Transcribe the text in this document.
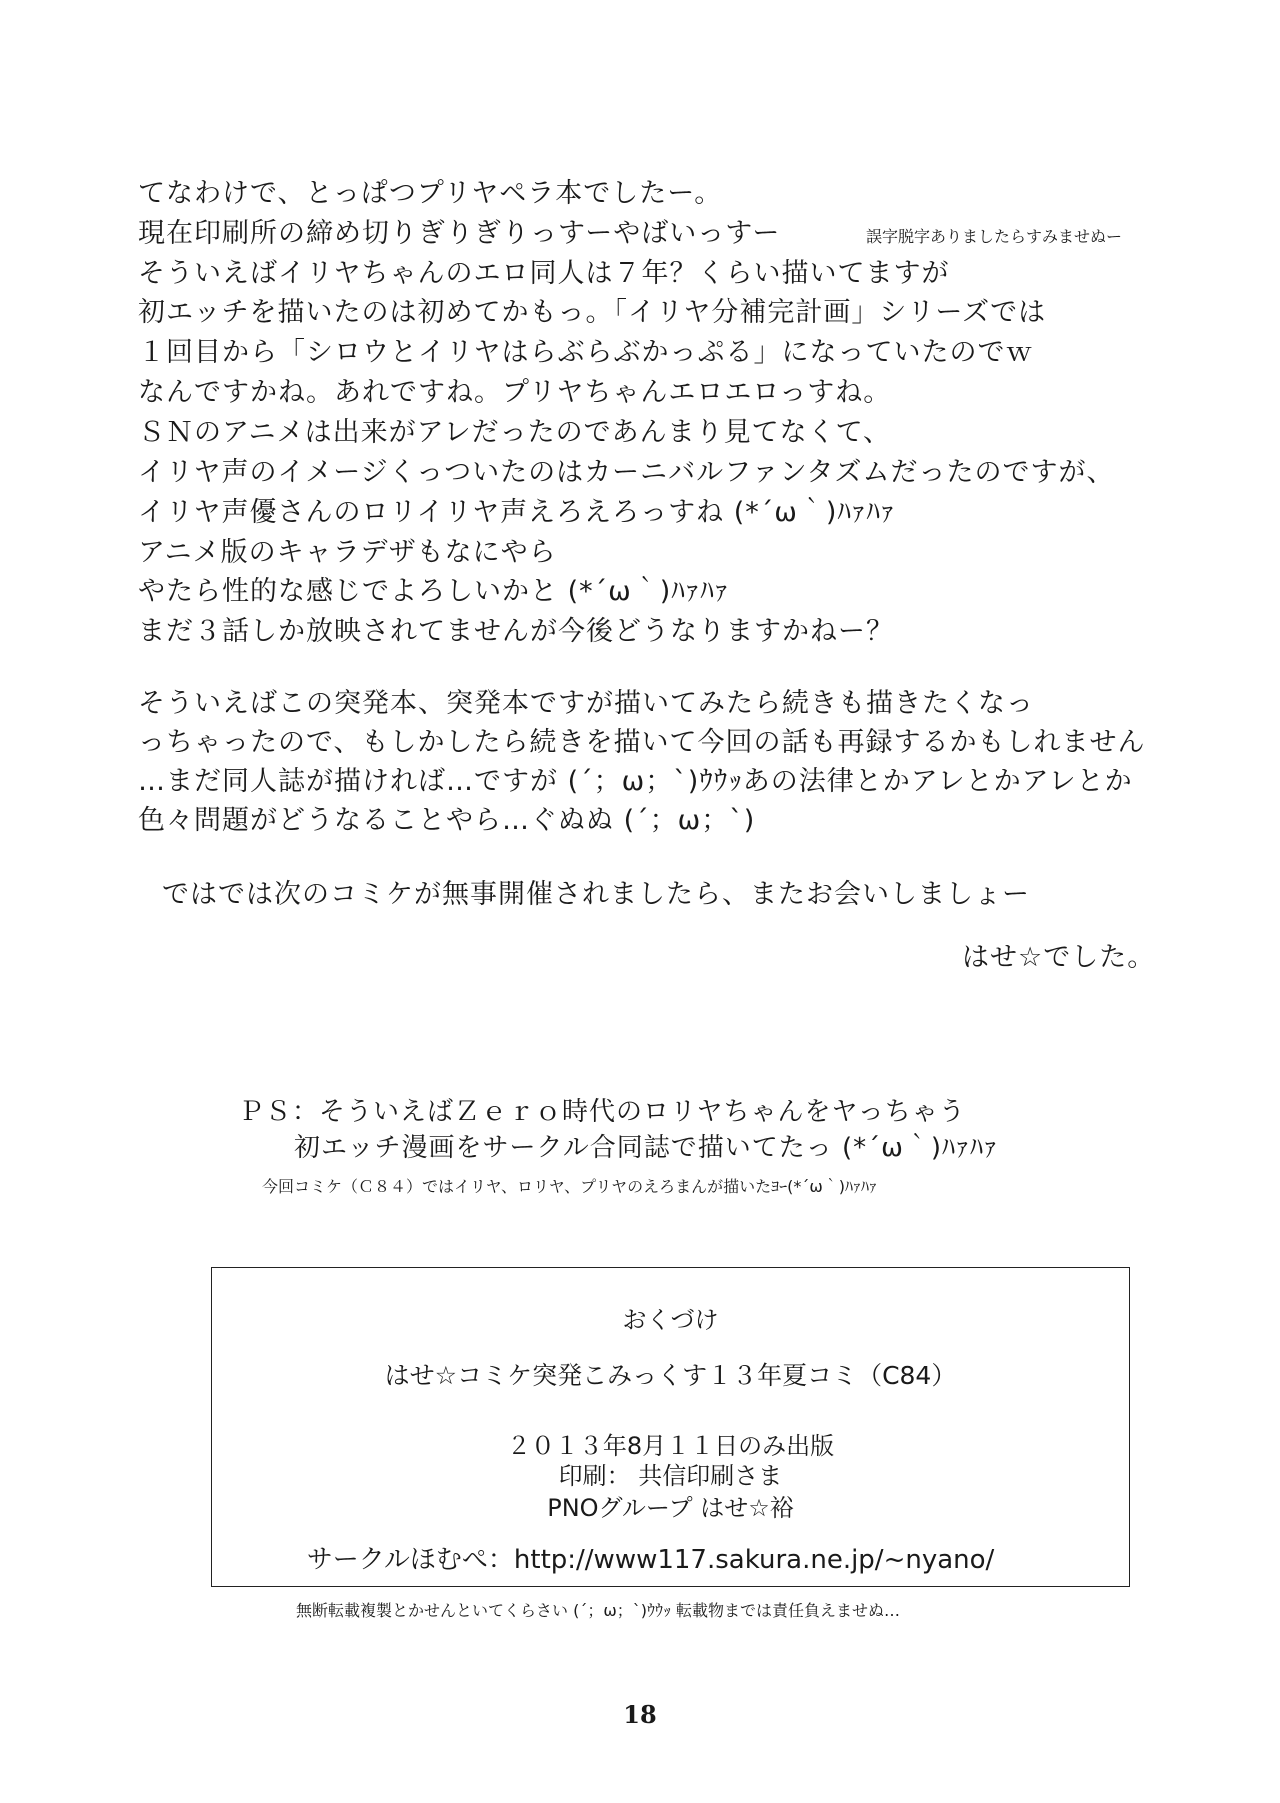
てなわけで、とっぱつプリヤペラ本でしたー。
現在印刷所の締め切りぎりぎりっすーやばいっすー	誤字脱字ありましたらすみませぬー
そういえばイリヤちゃんのエロ同人は７年？くらい描いてますが
初エッチを描いたのは初めてかもっ。「イリヤ分補完計画」シリーズでは
１回目から「シロウとイリヤはらぶらぶかっぷる」になっていたのでｗ
なんですかね。あれですね。プリヤちゃんエロエロっすね。
ＳＮのアニメは出来がアレだったのであんまり見てなくて、
イリヤ声のイメージくっついたのはカーニバルファンタズムだったのですが、
イリヤ声優さんのロリイリヤ声えろえろっすね (*´ω｀)ﾊｧﾊｧ
アニメ版のキャラデザもなにやら
やたら性的な感じでよろしいかと (*´ω｀)ﾊｧﾊｧ
まだ３話しか放映されてませんが今後どうなりますかねー？
そういえばこの突発本、突発本ですが描いてみたら続きも描きたくなっ
っちゃったので、もしかしたら続きを描いて今回の話も再録するかもしれません
…まだ同人誌が描ければ…ですが (´；ω；`)ｳｳｯあの法律とかアレとかアレとか
色々問題がどうなることやら…ぐぬぬ (´；ω；`)
ではでは次のコミケが無事開催されましたら、またお会いしましょー
はせ☆でした。
ＰＳ：そういえばＺｅｒｏ時代のロリヤちゃんをヤっちゃう
初エッチ漫画をサークル合同誌で描いてたっ (*´ω｀)ﾊｧﾊｧ
今回コミケ（Ｃ８４）ではイリヤ、ロリヤ、プリヤのえろまんが描いたﾖｰ(*´ω｀)ﾊｧﾊｧ
おくづけ
はせ☆コミケ突発こみっくす１３年夏コミ（C84）
２０１３年8月１１日のみ出版
印刷： 共信印刷さま
PNOグループ はせ☆裕
サークルほむぺ：http://www117.sakura.ne.jp/~nyano/
無断転載複製とかせんといてくらさい (´；ω；`)ｳｳｯ 転載物までは責任負えませぬ…
18
